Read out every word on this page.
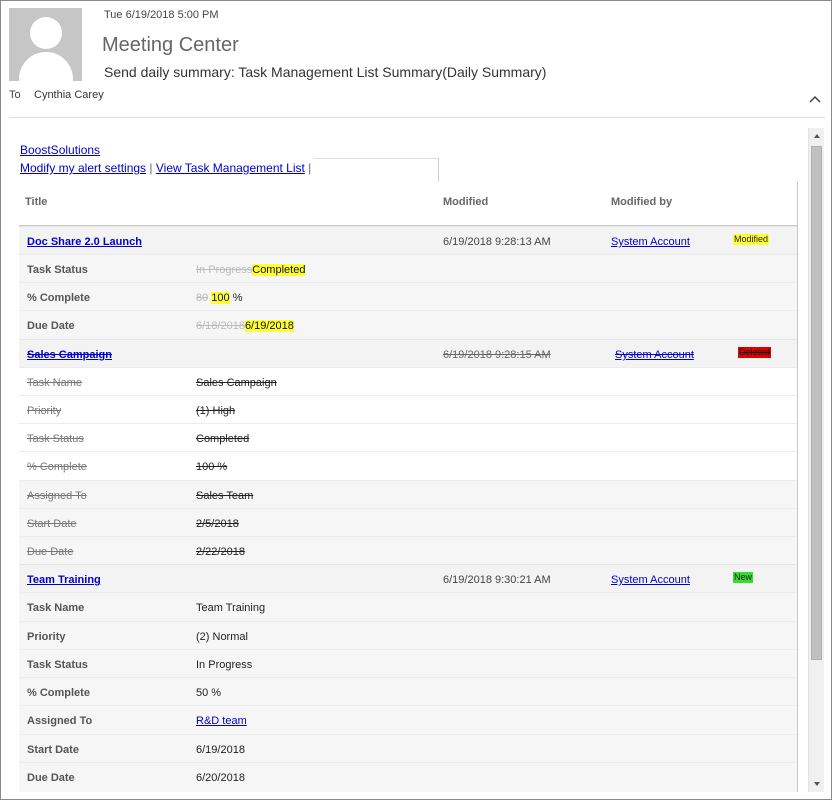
Tue 6/19/2018 5:00 PM
Meeting Center
Send daily summary: Task Management List Summary(Daily Summary)
To Cynthia Carey
BoostSolutions
Modify my alert settings | View Task Management List |
Title	Modified	Modified by
Doc Share 2.0 Launch	6/19/2018 9:28:13 AM	System Account	Modified
Task Status	In ProgressCompleted
% Complete	80 100 %
Due Date	6/18/20186/19/2018
Sales Campaign	6/19/2018 9:28:15 AM	System Account	Deleted
Task Name	Sales Campaign
Priority	(1) High
Task Status	Completed
% Complete	100 %
Assigned To	Sales Team
Start Date	2/5/2018
Due Date	2/22/2018
Team Training	6/19/2018 9:30:21 AM	System Account	New
Task Name	Team Training
Priority	(2) Normal
Task Status	In Progress
% Complete	50 %
Assigned To	R&D team
Start Date	6/19/2018
Due Date	6/20/2018
